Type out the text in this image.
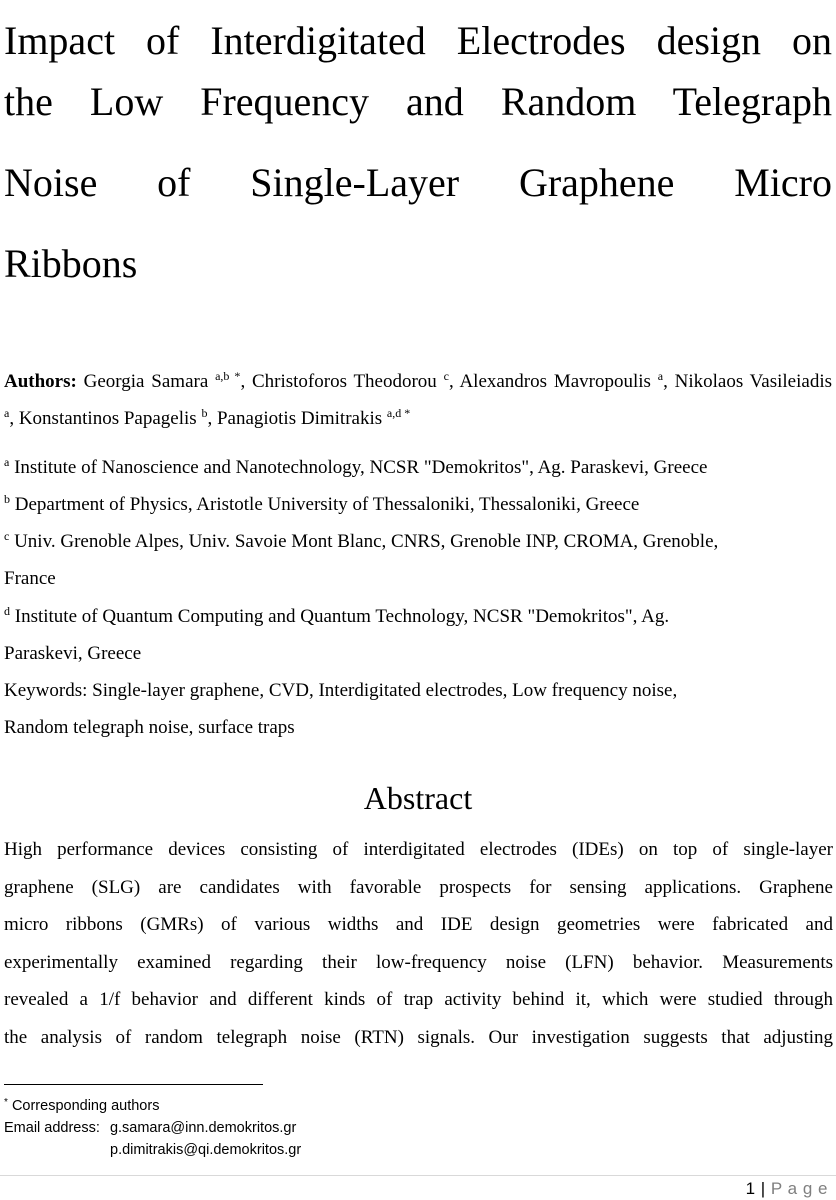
Impact of Interdigitated Electrodes design on
the Low Frequency and Random Telegraph
Noise of Single-Layer Graphene Micro
Ribbons
Authors: Georgia Samara $^{a,b *}$, Christoforos Theodorou $^c$, Alexandros Mavropoulis $^a$, Nikolaos Vasileiadis
$^a$, Konstantinos Papagelis $^b$, Panagiotis Dimitrakis $^{a,d *}$
$^a$ Institute of Nanoscience and Nanotechnology, NCSR "Demokritos", Ag. Paraskevi, Greece
$^b$ Department of Physics, Aristotle University of Thessaloniki, Thessaloniki, Greece
$^c$ Univ. Grenoble Alpes, Univ. Savoie Mont Blanc, CNRS, Grenoble INP, CROMA, Grenoble,
France
$^d$ Institute of Quantum Computing and Quantum Technology, NCSR "Demokritos", Ag.
Paraskevi, Greece
Keywords: Single-layer graphene, CVD, Interdigitated electrodes, Low frequency noise,
Random telegraph noise, surface traps
Abstract
High performance devices consisting of interdigitated electrodes (IDEs) on top of single-layer
graphene (SLG) are candidates with favorable prospects for sensing applications. Graphene
micro ribbons (GMRs) of various widths and IDE design geometries were fabricated and
experimentally examined regarding their low-frequency noise (LFN) behavior. Measurements
revealed a 1/f behavior and different kinds of trap activity behind it, which were studied through
the analysis of random telegraph noise (RTN) signals. Our investigation suggests that adjusting
* Corresponding authors
Email address: g.samara@inn.demokritos.gr
p.dimitrakis@qi.demokritos.gr
1 | P a g e
